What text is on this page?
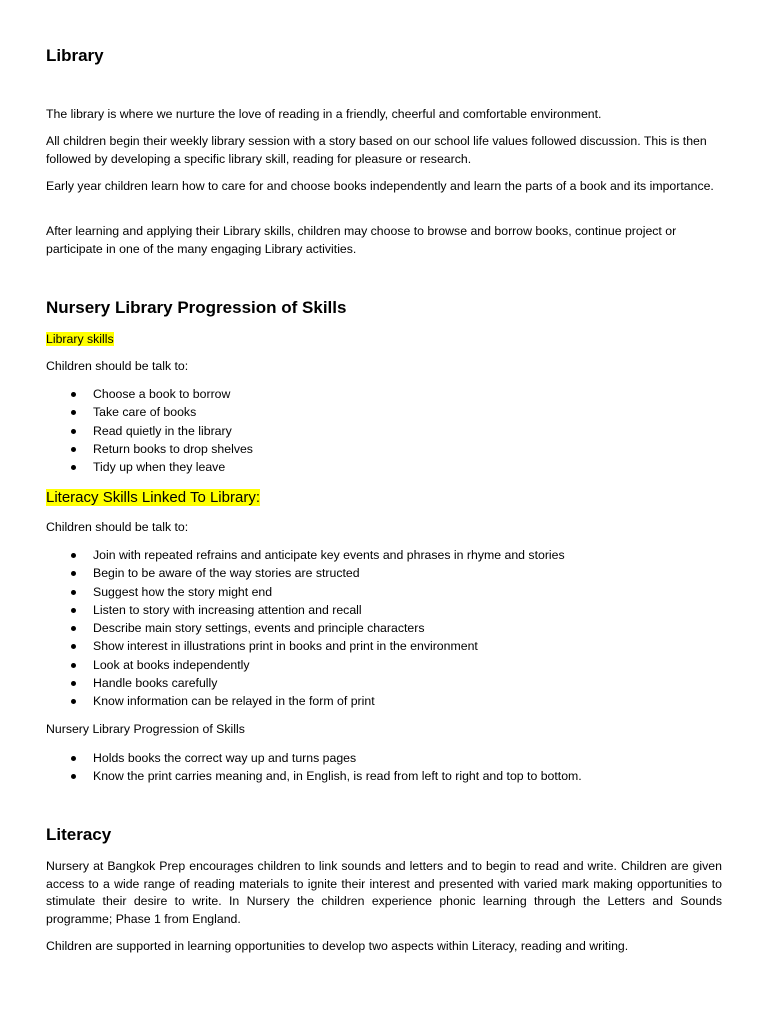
Library

The library is where we nurture the love of reading in a friendly, cheerful and comfortable environment.

All children begin their weekly library session with a story based on our school life values followed discussion. This is then followed by developing a specific library skill, reading for pleasure or research.

Early year children learn how to care for and choose books independently and learn the parts of a book and its importance.

After learning and applying their Library skills, children may choose to browse and borrow books, continue project or participate in one of the many engaging Library activities.

Nursery Library Progression of Skills

Library skills

Children should be talk to:

Choose a book to borrow
Take care of books
Read quietly in the library
Return books to drop shelves
Tidy up when they leave

Literacy Skills Linked To Library:

Children should be talk to:

Join with repeated refrains and anticipate key events and phrases in rhyme and stories
Begin to be aware of the way stories are structed
Suggest how the story might end
Listen to story with increasing attention and recall
Describe main story settings, events and principle characters
Show interest in illustrations print in books and print in the environment
Look at books independently
Handle books carefully
Know information can be relayed in the form of print

Nursery Library Progression of Skills

Holds books the correct way up and turns pages
Know the print carries meaning and, in English, is read from left to right and top to bottom.
Literacy

Nursery at Bangkok Prep encourages children to link sounds and letters and to begin to read and write. Children are given access to a wide range of reading materials to ignite their interest and presented with varied mark making opportunities to stimulate their desire to write. In Nursery the children experience phonic learning through the Letters and Sounds programme; Phase 1 from England.

Children are supported in learning opportunities to develop two aspects within Literacy, reading and writing.
